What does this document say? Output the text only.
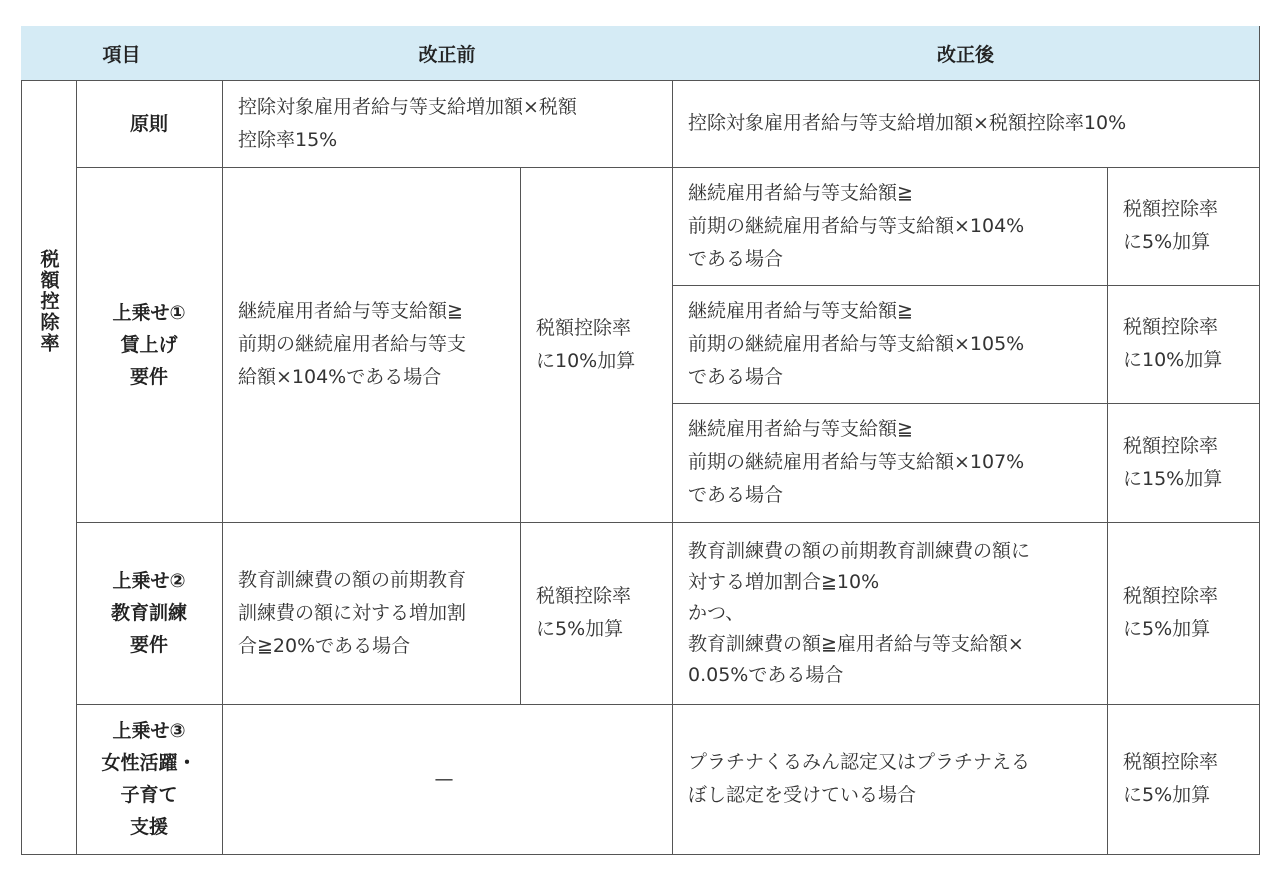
項目	改正前	改正後
税額控除率
原則
控除対象雇用者給与等支給増加額×税額
控除率15%
控除対象雇用者給与等支給増加額×税額控除率10%
上乗せ①
賃上げ
要件
継続雇用者給与等支給額≧
前期の継続雇用者給与等支
給額×104%である場合
税額控除率
に10%加算
継続雇用者給与等支給額≧
前期の継続雇用者給与等支給額×104%
である場合
税額控除率
に5%加算
継続雇用者給与等支給額≧
前期の継続雇用者給与等支給額×105%
である場合
税額控除率
に10%加算
継続雇用者給与等支給額≧
前期の継続雇用者給与等支給額×107%
である場合
税額控除率
に15%加算
上乗せ②
教育訓練
要件
教育訓練費の額の前期教育
訓練費の額に対する増加割
合≧20%である場合
税額控除率
に5%加算
教育訓練費の額の前期教育訓練費の額に
対する増加割合≧10%
かつ、
教育訓練費の額≧雇用者給与等支給額×
0.05%である場合
税額控除率
に5%加算
上乗せ③
女性活躍・
子育て
支援
—
プラチナくるみん認定又はプラチナえる
ぼし認定を受けている場合
税額控除率
に5%加算
